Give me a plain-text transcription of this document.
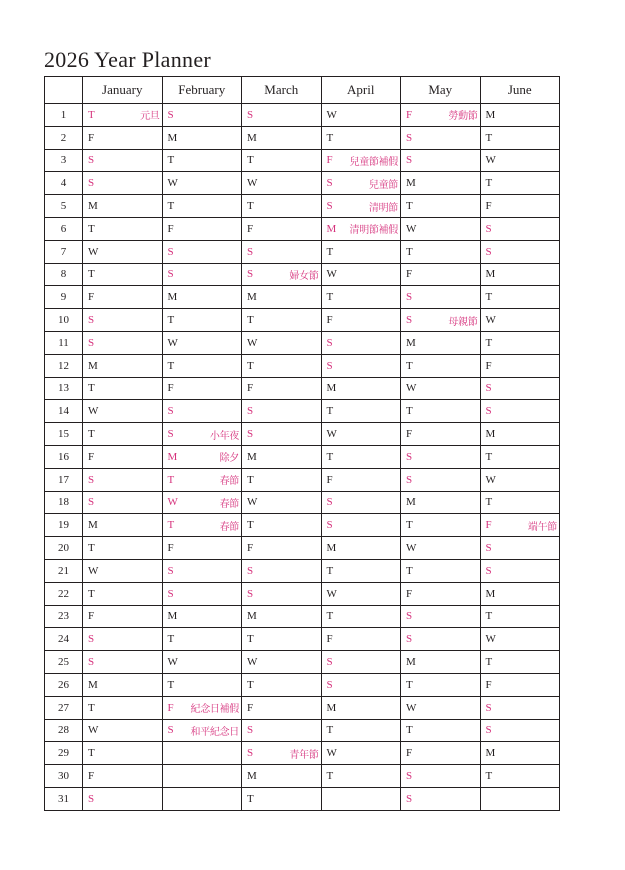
2026 Year Planner
	January	February	March	April	May	June
1	T 元旦	S	S	W	F 勞動節	M

2	F	M	M	T	S	T

3	S	T	T	F 兒童節補假	S	W

4	S	W	W	S 兒童節	M	T

5	M	T	T	S 清明節	T	F

6	T	F	F	M 清明節補假	W	S

7	W	S	S	T	T	S

8	T	S	S 婦女節	W	F	M

9	F	M	M	T	S	T

10	S	T	T	F	S 母親節	W

11	S	W	W	S	M	T

12	M	T	T	S	T	F

13	T	F	F	M	W	S

14	W	S	S	T	T	S

15	T	S 小年夜	S	W	F	M

16	F	M 除夕	M	T	S	T

17	S	T 春節	T	F	S	W

18	S	W 春節	W	S	M	T

19	M	T 春節	T	S	T	F 端午節

20	T	F	F	M	W	S

21	W	S	S	T	T	S

22	T	S	S	W	F	M

23	F	M	M	T	S	T

24	S	T	T	F	S	W

25	S	W	W	S	M	T

26	M	T	T	S	T	F

27	T	F 紀念日補假	F	M	W	S

28	W	S 和平紀念日	S	T	T	S

29	T		S 青年節	W	F	M

30	F		M	T	S	T

31	S		T		S	
